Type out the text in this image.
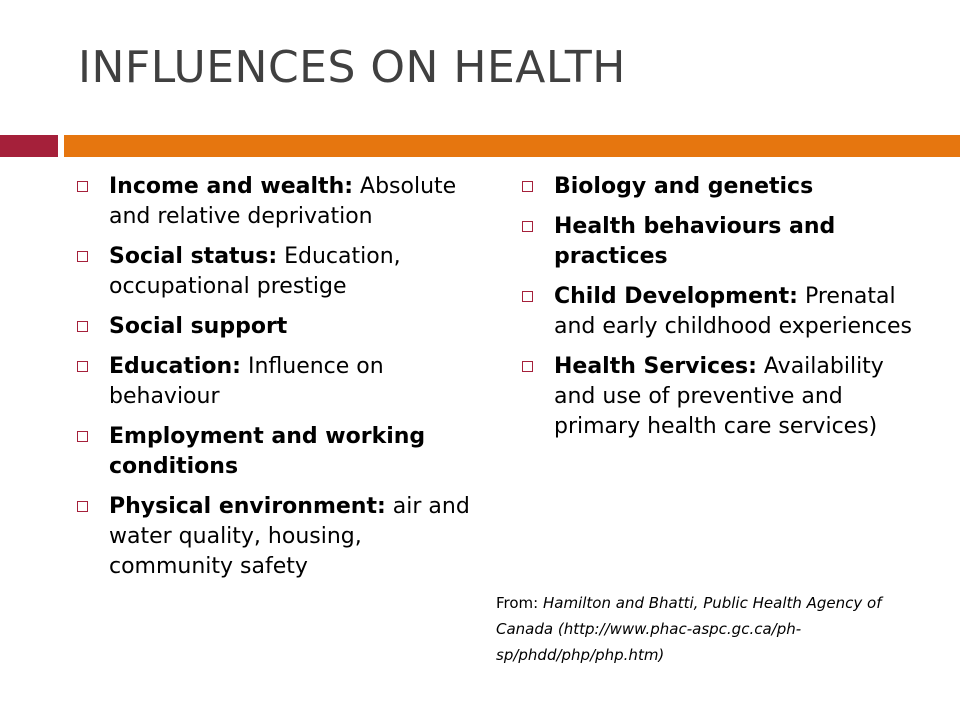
INFLUENCES ON HEALTH
Income and wealth: Absolute and relative deprivation
Social status: Education, occupational prestige
Social support
Education: Influence on behaviour
Employment and working conditions
Physical environment: air and water quality, housing, community safety
Biology and genetics
Health behaviours and practices
Child Development: Prenatal and early childhood experiences
Health Services: Availability and use of preventive and primary health care services)
From: Hamilton and Bhatti, Public Health Agency of Canada (http://www.phac-aspc.gc.ca/ph-sp/phdd/php/php.htm)
